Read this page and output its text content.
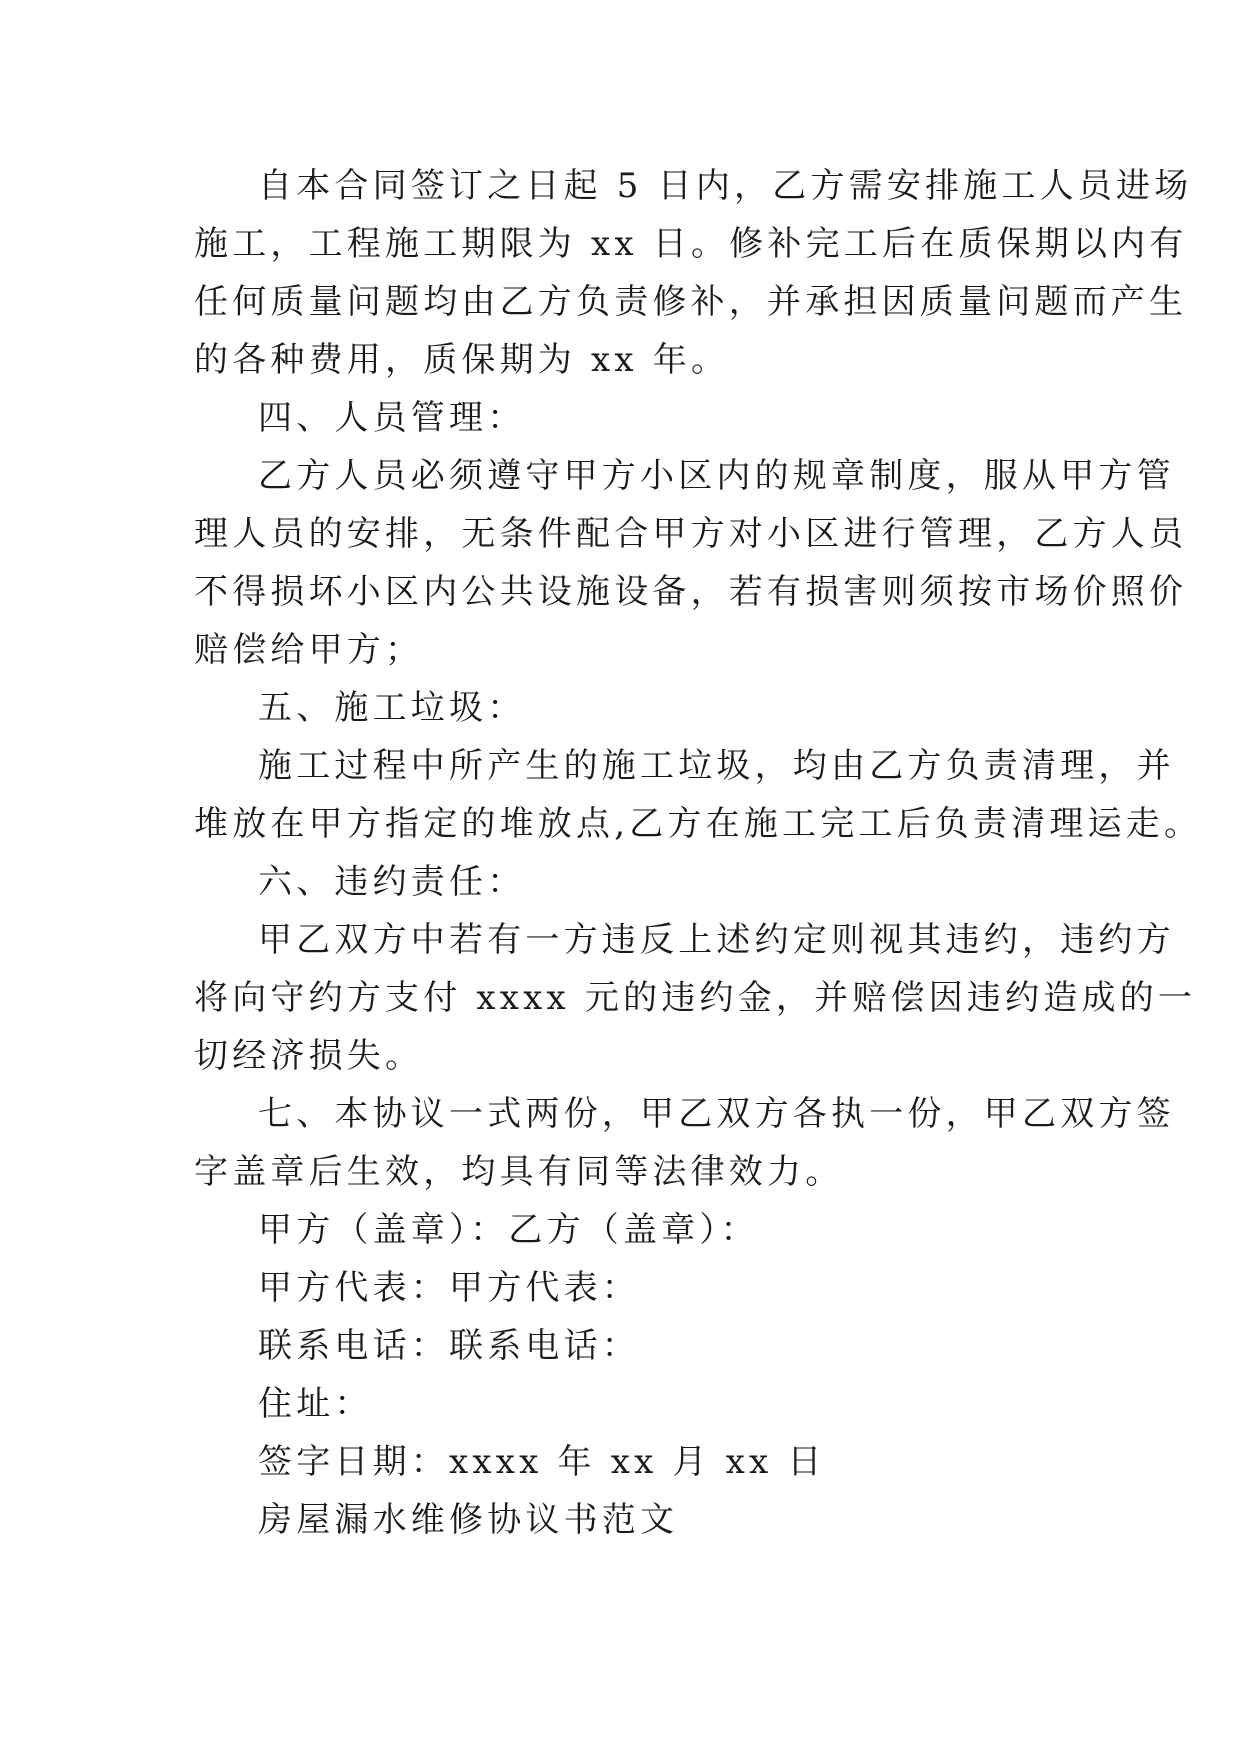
自本合同签订之日起 5 日内，乙方需安排施工人员进场

施工，工程施工期限为 xx 日。修补完工后在质保期以内有

任何质量问题均由乙方负责修补，并承担因质量问题而产生

的各种费用，质保期为 xx 年。

四、人员管理：

乙方人员必须遵守甲方小区内的规章制度，服从甲方管

理人员的安排，无条件配合甲方对小区进行管理，乙方人员

不得损坏小区内公共设施设备，若有损害则须按市场价照价

赔偿给甲方；

五、施工垃圾：

施工过程中所产生的施工垃圾，均由乙方负责清理，并

堆放在甲方指定的堆放点,乙方在施工完工后负责清理运走。

六、违约责任：

甲乙双方中若有一方违反上述约定则视其违约，违约方

将向守约方支付 xxxx 元的违约金，并赔偿因违约造成的一

切经济损失。

七、本协议一式两份，甲乙双方各执一份，甲乙双方签

字盖章后生效，均具有同等法律效力。

甲方（盖章）：乙方（盖章）：

甲方代表：甲方代表：

联系电话：联系电话：

住址：

签字日期：xxxx 年 xx 月 xx 日

房屋漏水维修协议书范文
